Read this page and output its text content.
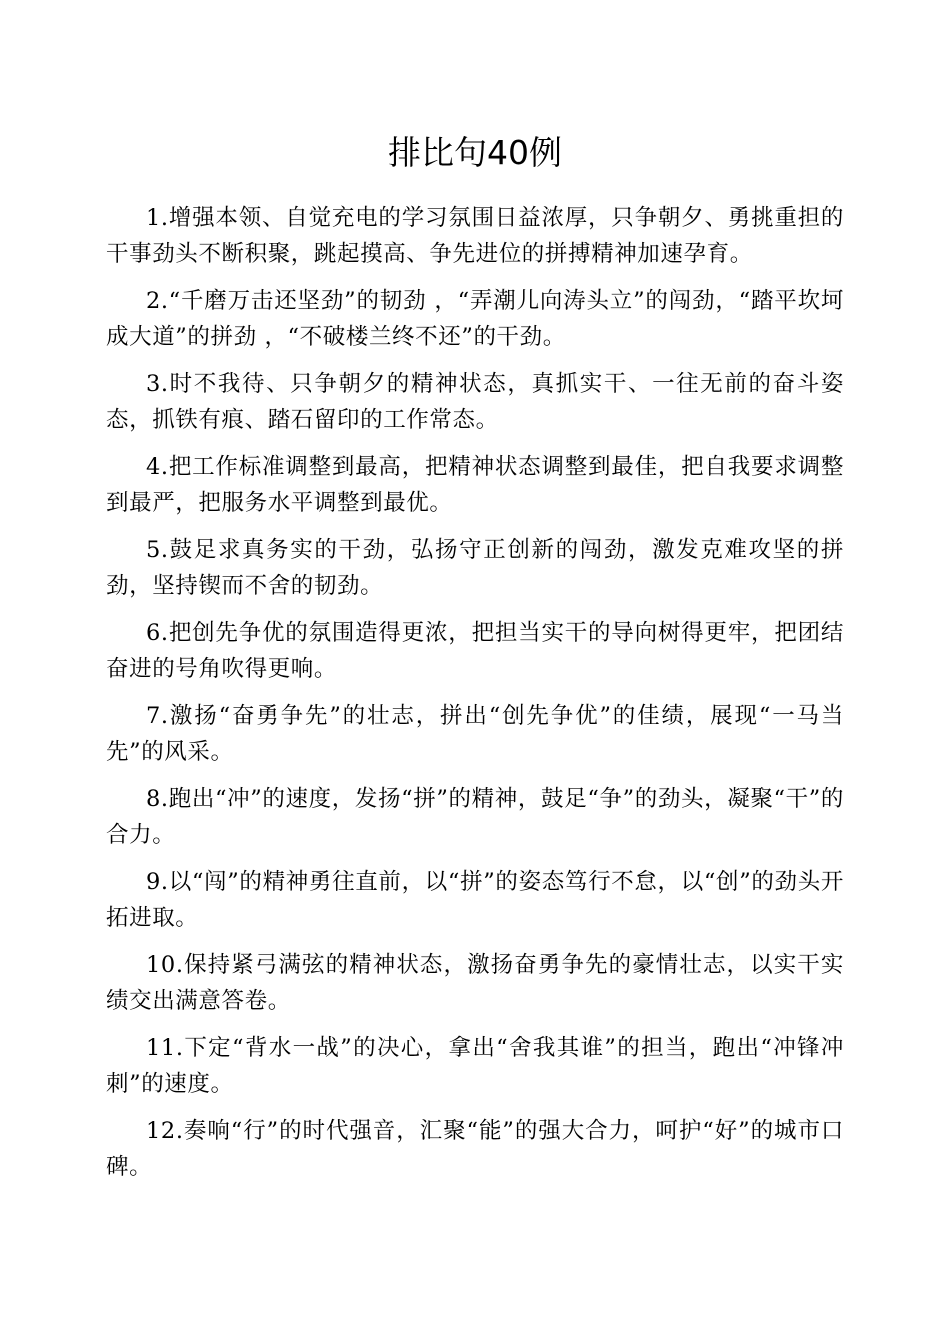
排比句40例

1.增强本领、自觉充电的学习氛围日益浓厚，只争朝夕、勇挑重担的干事劲头不断积聚，跳起摸高、争先进位的拼搏精神加速孕育。

2.“千磨万击还坚劲”的韧劲 ，“弄潮儿向涛头立”的闯劲，“踏平坎坷成大道”的拼劲 ，“不破楼兰终不还”的干劲。

3.时不我待、只争朝夕的精神状态，真抓实干、一往无前的奋斗姿态，抓铁有痕、踏石留印的工作常态。

4.把工作标准调整到最高，把精神状态调整到最佳，把自我要求调整到最严，把服务水平调整到最优。

5.鼓足求真务实的干劲，弘扬守正创新的闯劲，激发克难攻坚的拼劲，坚持锲而不舍的韧劲。

6.把创先争优的氛围造得更浓，把担当实干的导向树得更牢，把团结奋进的号角吹得更响。

7.激扬“奋勇争先”的壮志，拼出“创先争优”的佳绩，展现“一马当先”的风采。

8.跑出“冲”的速度，发扬“拼”的精神，鼓足“争”的劲头，凝聚“干”的合力。

9.以“闯”的精神勇往直前，以“拼”的姿态笃行不怠，以“创”的劲头开拓进取。

10.保持紧弓满弦的精神状态，激扬奋勇争先的豪情壮志，以实干实绩交出满意答卷。

11.下定“背水一战”的决心，拿出“舍我其谁”的担当，跑出“冲锋冲刺”的速度。

12.奏响“行”的时代强音，汇聚“能”的强大合力，呵护“好”的城市口碑。
